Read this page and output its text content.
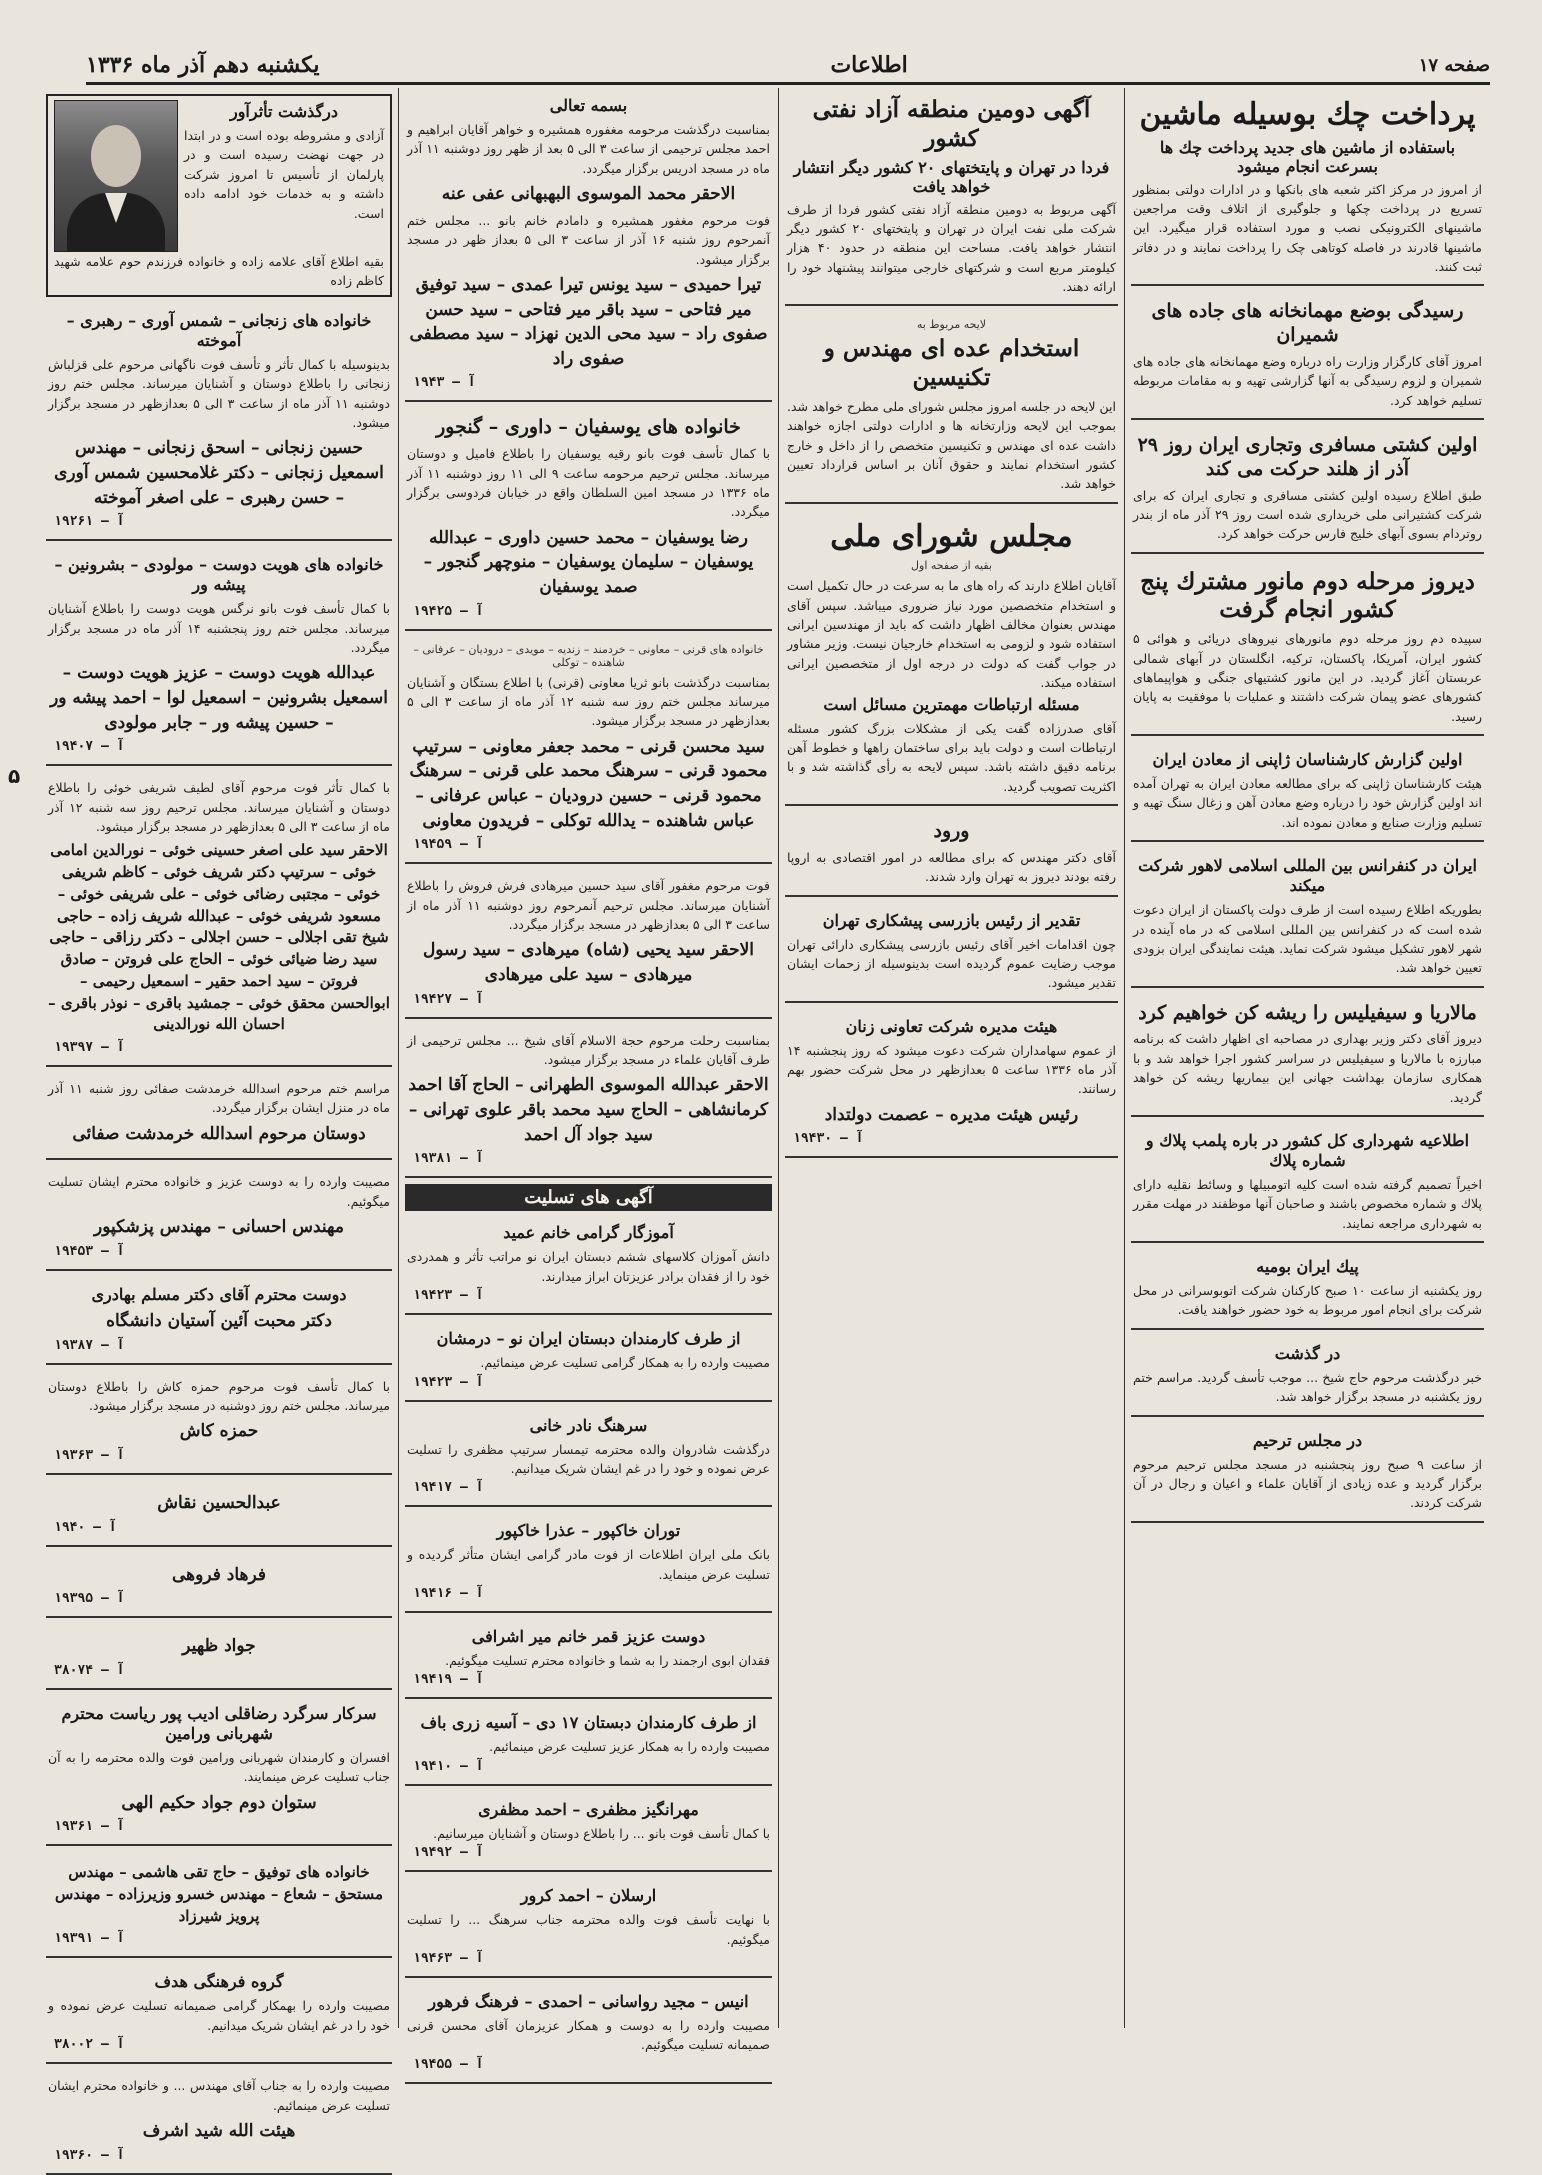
صفحه ۱۷
اطلاعات
یکشنبه دهم آذر ماه ۱۳۳۶
۵
پرداخت چك بوسیله ماشین
باستفاده از ماشین های جدید پرداخت چك ها بسرعت انجام میشود

از امروز در مرکز اکثر شعبه های بانکها و در ادارات دولتی بمنظور تسریع در پرداخت چکها و جلوگیری از اتلاف وقت مراجعین ماشینهای الکترونیکی نصب و مورد استفاده قرار میگیرد. این ماشینها قادرند در فاصله کوتاهی چک را پرداخت نمایند و در دفاتر ثبت کنند.

رسیدگی بوضع مهمانخانه های جاده های شمیران

امروز آقای کارگزار وزارت راه درباره وضع مهمانخانه های جاده های شمیران و لزوم رسیدگی به آنها گزارشی تهیه و به مقامات مربوطه تسلیم خواهد کرد.

اولین کشتی مسافری وتجاری ایران روز ۲۹ آذر از هلند حرکت می کند

طبق اطلاع رسیده اولین کشتی مسافری و تجاری ایران که برای شرکت کشتیرانی ملی خریداری شده است روز ۲۹ آذر ماه از بندر روتردام بسوی آبهای خلیج فارس حرکت خواهد کرد.

دیروز مرحله دوم مانور مشترك پنج کشور انجام گرفت

سپیده دم روز مرحله دوم مانورهای نیروهای دریائی و هوائی ۵ کشور ایران، آمریکا، پاکستان، ترکیه، انگلستان در آبهای شمالی عربستان آغاز گردید. در این مانور کشتیهای جنگی و هواپیماهای کشورهای عضو پیمان شرکت داشتند و عملیات با موفقیت به پایان رسید.

اولین گزارش کارشناسان ژاپنی از معادن ایران

هیئت کارشناسان ژاپنی که برای مطالعه معادن ایران به تهران آمده اند اولین گزارش خود را درباره وضع معادن آهن و زغال سنگ تهیه و تسلیم وزارت صنایع و معادن نموده اند.

ایران در کنفرانس بین المللی اسلامی لاهور شرکت میکند

بطوریکه اطلاع رسیده است از طرف دولت پاکستان از ایران دعوت شده است که در کنفرانس بین المللی اسلامی که در ماه آینده در شهر لاهور تشکیل میشود شرکت نماید. هیئت نمایندگی ایران بزودی تعیین خواهد شد.

مالاریا و سیفیلیس را ریشه کن خواهیم کرد

دیروز آقای دکتر وزیر بهداری در مصاحبه ای اظهار داشت که برنامه مبارزه با مالاریا و سیفیلیس در سراسر کشور اجرا خواهد شد و با همکاری سازمان بهداشت جهانی این بیماریها ریشه کن خواهد گردید.

اطلاعیه شهرداری کل کشور در باره پلمب پلاك و شماره پلاك

اخیراً تصمیم گرفته شده است کلیه اتومبیلها و وسائط نقلیه دارای پلاك و شماره مخصوص باشند و صاحبان آنها موظفند در مهلت مقرر به شهرداری مراجعه نمایند.

پیك ایران بومیه

روز یکشنبه از ساعت ۱۰ صبح کارکنان شرکت اتوبوسرانی در محل شرکت برای انجام امور مربوط به خود حضور خواهند یافت.

در گذشت

خبر درگذشت مرحوم حاج شیخ ... موجب تأسف گردید. مراسم ختم روز یکشنبه در مسجد برگزار خواهد شد.

در مجلس ترحیم

از ساعت ۹ صبح روز پنجشنبه در مسجد مجلس ترحیم مرحوم برگزار گردید و عده زیادی از آقایان علماء و اعیان و رجال در آن شرکت کردند.

آگهی دومین منطقه آزاد نفتی کشور
فردا در تهران و پایتختهای ۲۰ کشور دیگر انتشار خواهد یافت

آگهی مربوط به دومین منطقه آزاد نفتی کشور فردا از طرف شرکت ملی نفت ایران در تهران و پایتختهای ۲۰ کشور دیگر انتشار خواهد یافت. مساحت این منطقه در حدود ۴۰ هزار کیلومتر مربع است و شرکتهای خارجی میتوانند پیشنهاد خود را ارائه دهند.

لایحه مربوط به
استخدام عده ای مهندس و تکنیسین

این لایحه در جلسه امروز مجلس شورای ملی مطرح خواهد شد. بموجب این لایحه وزارتخانه ها و ادارات دولتی اجازه خواهند داشت عده ای مهندس و تکنیسین متخصص را از داخل و خارج کشور استخدام نمایند و حقوق آنان بر اساس قرارداد تعیین خواهد شد.

مجلس شورای ملی
بقیه از صفحه اول

آقایان اطلاع دارند که راه های ما به سرعت در حال تکمیل است و استخدام متخصصین مورد نیاز ضروری میباشد. سپس آقای مهندس بعنوان مخالف اظهار داشت که باید از مهندسین ایرانی استفاده شود و لزومی به استخدام خارجیان نیست. وزیر مشاور در جواب گفت که دولت در درجه اول از متخصصین ایرانی استفاده میکند.

مسئله ارتباطات مهمترین مسائل است

آقای صدرزاده گفت یکی از مشکلات بزرگ کشور مسئله ارتباطات است و دولت باید برای ساختمان راهها و خطوط آهن برنامه دقیق داشته باشد. سپس لایحه به رأی گذاشته شد و با اکثریت تصویب گردید.

ورود

آقای دکتر مهندس که برای مطالعه در امور اقتصادی به اروپا رفته بودند دیروز به تهران وارد شدند.

تقدیر از رئیس بازرسی پیشکاری تهران

چون اقدامات اخیر آقای رئیس بازرسی پیشکاری دارائی تهران موجب رضایت عموم گردیده است بدینوسیله از زحمات ایشان تقدیر میشود.

هیئت مدیره شرکت تعاونی زنان

از عموم سهامداران شرکت دعوت میشود که روز پنجشنبه ۱۴ آذر ماه ۱۳۳۶ ساعت ۵ بعدازظهر در محل شرکت حضور بهم رسانند.

رئیس هیئت مدیره – عصمت دولتداد
آ – ۱۹۴۳۰
بسمه تعالی

بمناسبت درگذشت مرحومه مغفوره همشیره و خواهر آقایان ابراهیم و احمد مجلس ترحیمی از ساعت ۳ الی ۵ بعد از ظهر روز دوشنبه ۱۱ آذر ماه در مسجد ادریس برگزار میگردد.

الاحقر محمد الموسوی البهبهانی عفی عنه

فوت مرحوم مغفور همشیره و دامادم خانم بانو ... مجلس ختم آنمرحوم روز شنبه ۱۶ آذر از ساعت ۳ الی ۵ بعداز ظهر در مسجد برگزار میشود.

تیرا حمیدی – سید یونس تیرا عمدی – سید توفیق میر فتاحی – سید باقر میر فتاحی – سید حسن صفوی راد – سید محی الدین نهزاد – سید مصطفی صفوی راد
آ – ۱۹۴۳
خانواده های یوسفیان – داوری – گنجور

با کمال تأسف فوت بانو رقیه یوسفیان را باطلاع فامیل و دوستان میرساند. مجلس ترحیم مرحومه ساعت ۹ الی ۱۱ روز دوشنبه ۱۱ آذر ماه ۱۳۳۶ در مسجد امین السلطان واقع در خیابان فردوسی برگزار میگردد.

رضا یوسفیان – محمد حسین داوری – عبدالله یوسفیان – سلیمان یوسفیان – منوچهر گنجور – صمد یوسفیان
آ – ۱۹۴۲۵
خانواده های قرنی – معاونی – خردمند – زندیه – مویدی – درودیان – عرفانی – شاهنده – توکلی

بمناسبت درگذشت بانو ثریا معاونی (قرنی) با اطلاع بستگان و آشنایان میرساند مجلس ختم روز سه شنبه ۱۲ آذر ماه از ساعت ۳ الی ۵ بعدازظهر در مسجد برگزار میشود.

سید محسن قرنی – محمد جعفر معاونی – سرتیپ محمود قرنی – سرهنگ محمد علی قرنی – سرهنگ محمود قرنی – حسین درودیان – عباس عرفانی – عباس شاهنده – یدالله توکلی – فریدون معاونی
آ – ۱۹۴۵۹

فوت مرحوم مغفور آقای سید حسین میرهادی فرش فروش را باطلاع آشنایان میرساند. مجلس ترحیم آنمرحوم روز دوشنبه ۱۱ آذر ماه از ساعت ۳ الی ۵ بعدازظهر در مسجد برگزار میگردد.

الاحقر سید یحیی (شاه) میرهادی – سید رسول میرهادی – سید علی میرهادی
آ – ۱۹۴۲۷

بمناسبت رحلت مرحوم حجة الاسلام آقای شیخ ... مجلس ترحیمی از طرف آقایان علماء در مسجد برگزار میشود.

الاحقر عبدالله الموسوی الطهرانی – الحاج آقا احمد کرمانشاهی – الحاج سید محمد باقر علوی تهرانی – سید جواد آل احمد
آ – ۱۹۳۸۱
آگهی های تسلیت
آموزگار گرامی خانم عمید

دانش آموزان کلاسهای ششم دبستان ایران نو مراتب تأثر و همدردی خود را از فقدان برادر عزیزتان ابراز میدارند.

آ – ۱۹۴۲۳
از طرف کارمندان دبستان ایران نو – درمشان

مصیبت وارده را به همکار گرامی تسلیت عرض مینمائیم.

آ – ۱۹۴۲۳
سرهنگ نادر خانی

درگذشت شادروان والده محترمه تیمسار سرتیپ مظفری را تسلیت عرض نموده و خود را در غم ایشان شریک میدانیم.

آ – ۱۹۴۱۷
توران خاکپور – عذرا خاکپور

بانک ملی ایران اطلاعات از فوت مادر گرامی ایشان متأثر گردیده و تسلیت عرض مینماید.

آ – ۱۹۴۱۶
دوست عزیز قمر خانم میر اشرافی

فقدان ابوی ارجمند را به شما و خانواده محترم تسلیت میگوئیم.

آ – ۱۹۴۱۹
از طرف کارمندان دبستان ۱۷ دی – آسیه زری باف

مصیبت وارده را به همکار عزیز تسلیت عرض مینمائیم.

آ – ۱۹۴۱۰
مهرانگیز مظفری – احمد مظفری

با کمال تأسف فوت بانو ... را باطلاع دوستان و آشنایان میرسانیم.

آ – ۱۹۴۹۲
ارسلان – احمد کرور

با نهایت تأسف فوت والده محترمه جناب سرهنگ ... را تسلیت میگوئیم.

آ – ۱۹۴۶۳
انیس – مجید رواسانی – احمدی – فرهنگ فرهور

مصیبت وارده را به دوست و همکار عزیزمان آقای محسن قرنی صمیمانه تسلیت میگوئیم.

آ – ۱۹۴۵۵
درگذشت تأثرآور

آزادی و مشروطه بوده است و در ابتدا در جهت نهضت رسیده است و در پارلمان از تأسیس تا امروز شرکت داشته و به خدمات خود ادامه داده است.

بقیه اطلاع آقای علامه زاده و خانواده فرزندم حوم علامه شهید کاظم زاده

خانواده های زنجانی – شمس آوری – رهبری – آموخته

بدینوسیله با کمال تأثر و تأسف فوت ناگهانی مرحوم علی قزلباش زنجانی را باطلاع دوستان و آشنایان میرساند. مجلس ختم روز دوشنبه ۱۱ آذر ماه از ساعت ۳ الی ۵ بعدازظهر در مسجد برگزار میشود.

حسین زنجانی – اسحق زنجانی – مهندس اسمعیل زنجانی – دکتر غلامحسین شمس آوری – حسن رهبری – علی اصغر آموخته
آ – ۱۹۲۶۱
خانواده های هویت دوست – مولودی – بشرونین – پیشه ور

با کمال تأسف فوت بانو نرگس هویت دوست را باطلاع آشنایان میرساند. مجلس ختم روز پنجشنبه ۱۴ آذر ماه در مسجد برگزار میگردد.

عبدالله هویت دوست – عزیز هویت دوست – اسمعیل بشرونین – اسمعیل لوا – احمد پیشه ور – حسین پیشه ور – جابر مولودی
آ – ۱۹۴۰۷

با کمال تأثر فوت مرحوم آقای لطیف شریفی خوئی را باطلاع دوستان و آشنایان میرساند. مجلس ترحیم روز سه شنبه ۱۲ آذر ماه از ساعت ۳ الی ۵ بعدازظهر در مسجد برگزار میشود.

الاحقر سید علی اصغر حسینی خوئی – نورالدین امامی خوئی – سرتیپ دکتر شریف خوئی – کاظم شریفی خوئی – مجتبی رضائی خوئی – علی شریفی خوئی – مسعود شریفی خوئی – عبدالله شریف زاده – حاجی شیخ تقی اجلالی – حسن اجلالی – دکتر رزاقی – حاجی سید رضا ضیائی خوئی – الحاج علی فروتن – صادق فروتن – سید احمد حقیر – اسمعیل رحیمی – ابوالحسن محقق خوئی – جمشید باقری – نوذر باقری – احسان الله نورالدینی
آ – ۱۹۳۹۷

مراسم ختم مرحوم اسدالله خرمدشت صفائی روز شنبه ۱۱ آذر ماه در منزل ایشان برگزار میگردد.

دوستان مرحوم اسدالله خرمدشت صفائی

مصیبت وارده را به دوست عزیز و خانواده محترم ایشان تسلیت میگوئیم.

مهندس احسانی – مهندس پزشکپور
آ – ۱۹۴۵۳
دوست محترم آقای دکتر مسلم بهادری
دکتر محبت آئین آستیان دانشگاه
آ – ۱۹۳۸۷

با کمال تأسف فوت مرحوم حمزه کاش را باطلاع دوستان میرساند. مجلس ختم روز دوشنبه در مسجد برگزار میشود.

حمزه کاش
آ – ۱۹۳۶۳
عبدالحسین نقاش
آ – ۱۹۴۰
فرهاد فروهی
آ – ۱۹۳۹۵
جواد ظهیر
آ – ۳۸۰۷۴
سرکار سرگرد رضاقلی ادیب پور ریاست محترم شهربانی ورامین

افسران و کارمندان شهربانی ورامین فوت والده محترمه را به آن جناب تسلیت عرض مینمایند.

ستوان دوم جواد حکیم الهی
آ – ۱۹۳۶۱
خانواده های توفیق – حاج تقی هاشمی – مهندس مستحق – شعاع – مهندس خسرو وزیرزاده – مهندس پرویز شیرزاد
آ – ۱۹۳۹۱
گروه فرهنگی هدف

مصیبت وارده را بهمکار گرامی صمیمانه تسلیت عرض نموده و خود را در غم ایشان شریک میدانیم.

آ – ۳۸۰۰۲

مصیبت وارده را به جناب آقای مهندس ... و خانواده محترم ایشان تسلیت عرض مینمائیم.

هیئت الله شید اشرف
آ – ۱۹۳۶۰
